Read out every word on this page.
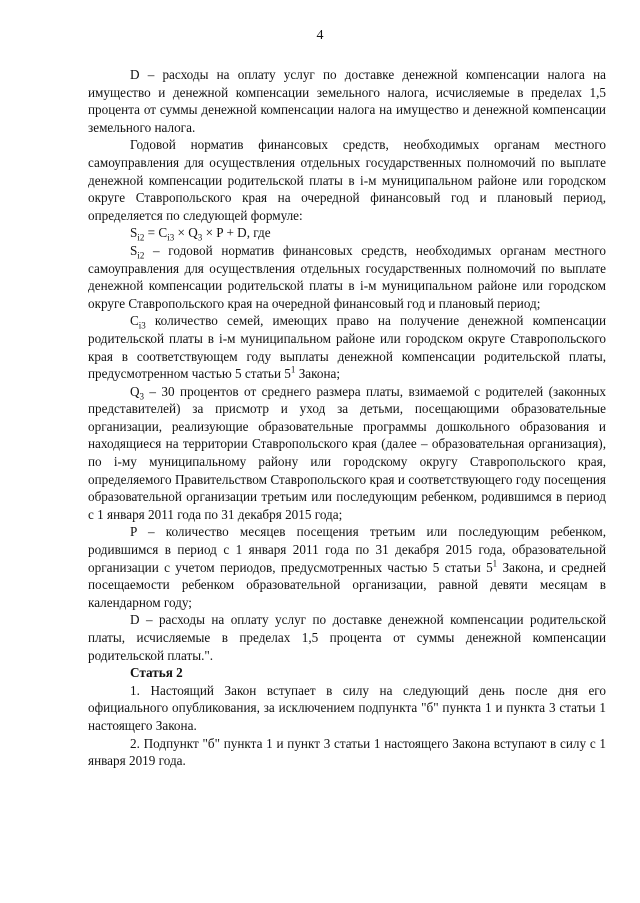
4

D – расходы на оплату услуг по доставке денежной компенсации налога на имущество и денежной компенсации земельного налога, исчисляемые в пределах 1,5 процента от суммы денежной компенсации налога на имущество и денежной компенсации земельного налога.

Годовой норматив финансовых средств, необходимых органам местного самоуправления для осуществления отдельных государственных полномочий по выплате денежной компенсации родительской платы в i-м муниципальном районе или городском округе Ставропольского края на очередной финансовый год и плановый период, определяется по следующей формуле:

$S_{i2} = C_{i3} \times Q_3 \times P + D$, где

$S_{i2}$ – годовой норматив финансовых средств, необходимых органам местного самоуправления для осуществления отдельных государственных полномочий по выплате денежной компенсации родительской платы в i-м муниципальном районе или городском округе Ставропольского края на очередной финансовый год и плановый период;

$C_{i3}$ количество семей, имеющих право на получение денежной компенсации родительской платы в i-м муниципальном районе или городском округе Ставропольского края в соответствующем году выплаты денежной компенсации родительской платы, предусмотренном частью 5 статьи $5^1$ Закона;

$Q_3 - 30$ процентов от среднего размера платы, взимаемой с родителей (законных представителей) за присмотр и уход за детьми, посещающими образовательные организации, реализующие образовательные программы дошкольного образования и находящиеся на территории Ставропольского края (далее – образовательная организация), по i-му муниципальному району или городскому округу Ставропольского края, определяемого Правительством Ставропольского края и соответствующего году посещения образовательной организации третьим или последующим ребенком, родившимся в период с 1 января 2011 года по 31 декабря 2015 года;

P – количество месяцев посещения третьим или последующим ребенком, родившимся в период с 1 января 2011 года по 31 декабря 2015 года, образовательной организации с учетом периодов, предусмотренных частью 5 статьи $5^1$ Закона, и средней посещаемости ребенком образовательной организации, равной девяти месяцам в календарном году;

D – расходы на оплату услуг по доставке денежной компенсации родительской платы, исчисляемые в пределах 1,5 процента от суммы денежной компенсации родительской платы.".

Статья 2

1. Настоящий Закон вступает в силу на следующий день после дня его официального опубликования, за исключением подпункта "б" пункта 1 и пункта 3 статьи 1 настоящего Закона.

2. Подпункт "б" пункта 1 и пункт 3 статьи 1 настоящего Закона вступают в силу с 1 января 2019 года.
